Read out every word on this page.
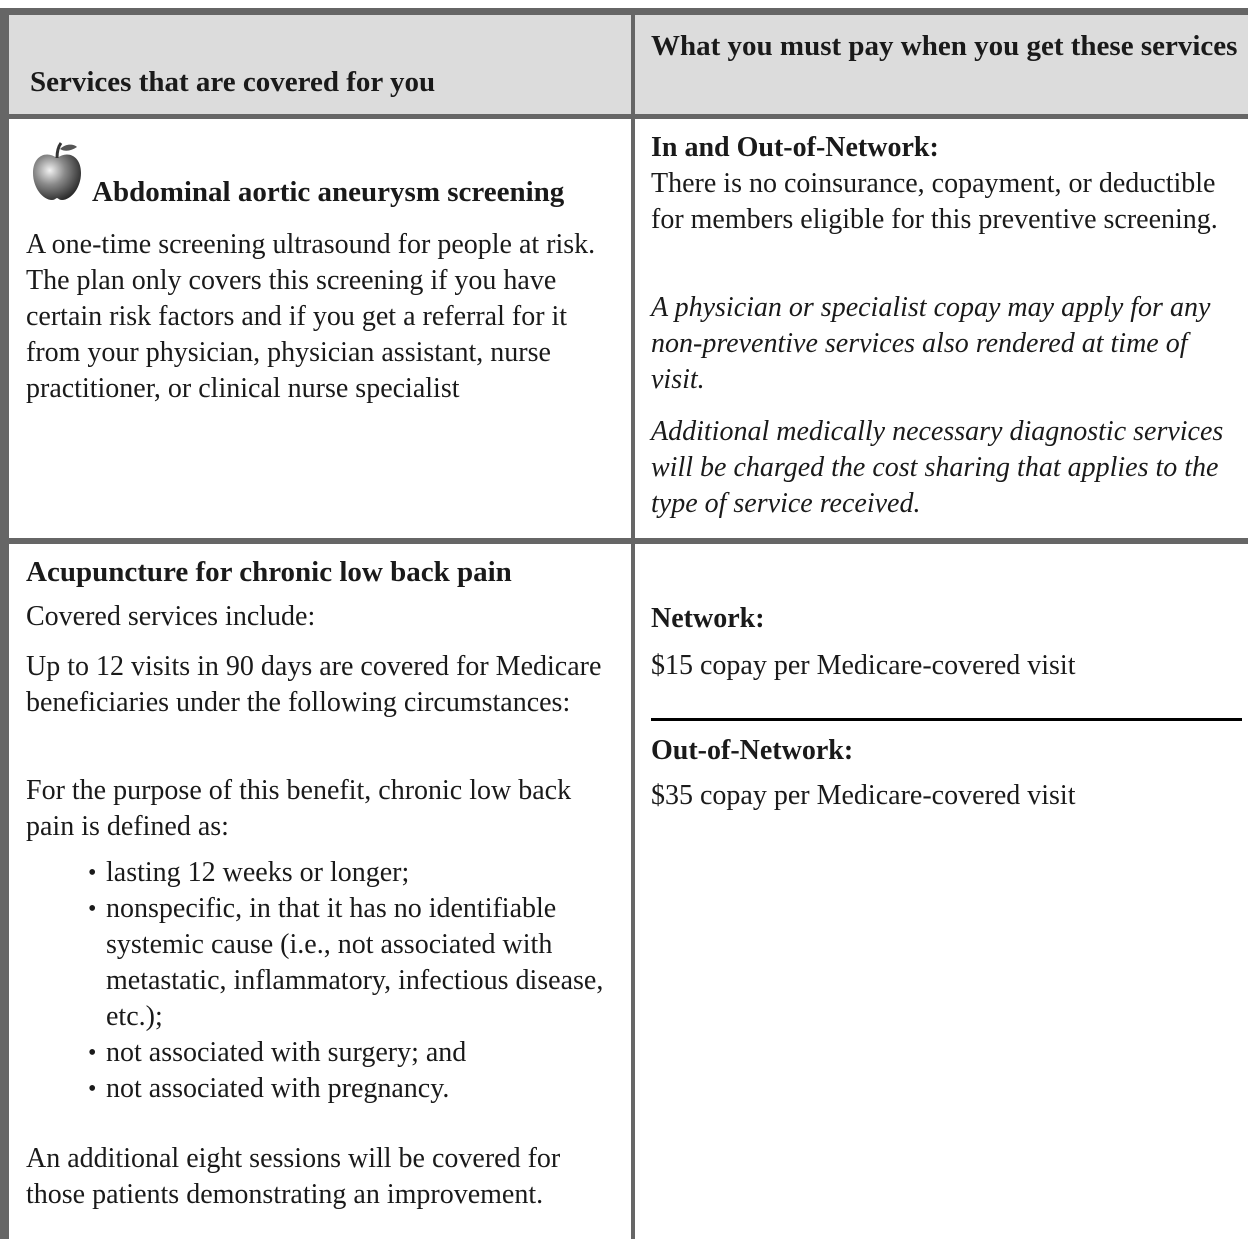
Services that are covered for you

What you must pay when you get these services

Abdominal aortic aneurysm screening

A one-time screening ultrasound for people at risk. The plan only covers this screening if you have certain risk factors and if you get a referral for it from your physician, physician assistant, nurse practitioner, or clinical nurse specialist

In and Out-of-Network:

There is no coinsurance, copayment, or deductible for members eligible for this preventive screening.

A physician or specialist copay may apply for any non-preventive services also rendered at time of visit.

Additional medically necessary diagnostic services will be charged the cost sharing that applies to the type of service received.

Acupuncture for chronic low back pain

Covered services include:

Up to 12 visits in 90 days are covered for Medicare beneficiaries under the following circumstances:

For the purpose of this benefit, chronic low back pain is defined as:

• lasting 12 weeks or longer;
• nonspecific, in that it has no identifiable systemic cause (i.e., not associated with metastatic, inflammatory, infectious disease, etc.);
• not associated with surgery; and
• not associated with pregnancy.

An additional eight sessions will be covered for those patients demonstrating an improvement.

Network:

$15 copay per Medicare-covered visit

Out-of-Network:

$35 copay per Medicare-covered visit
